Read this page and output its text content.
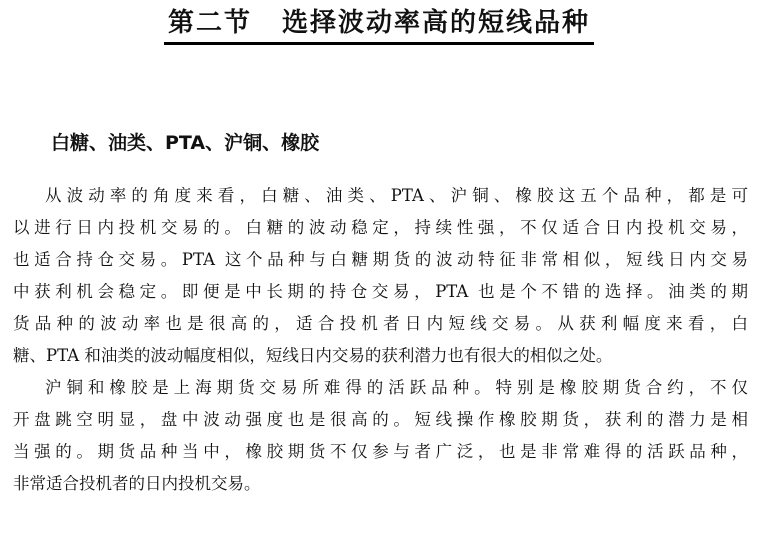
第二节 选择波动率高的短线品种
白糖、油类、PTA、沪铜、橡胶
从波动率的角度来看，白糖、油类、PTA、沪铜、橡胶这五个品种，都是可
以进行日内投机交易的。白糖的波动稳定，持续性强，不仅适合日内投机交易，
也适合持仓交易。PTA 这个品种与白糖期货的波动特征非常相似，短线日内交易
中获利机会稳定。即便是中长期的持仓交易，PTA 也是个不错的选择。油类的期
货品种的波动率也是很高的，适合投机者日内短线交易。从获利幅度来看，白
糖、PTA 和油类的波动幅度相似，短线日内交易的获利潜力也有很大的相似之处。
沪铜和橡胶是上海期货交易所难得的活跃品种。特别是橡胶期货合约，不仅
开盘跳空明显，盘中波动强度也是很高的。短线操作橡胶期货，获利的潜力是相
当强的。期货品种当中，橡胶期货不仅参与者广泛，也是非常难得的活跃品种，
非常适合投机者的日内投机交易。
